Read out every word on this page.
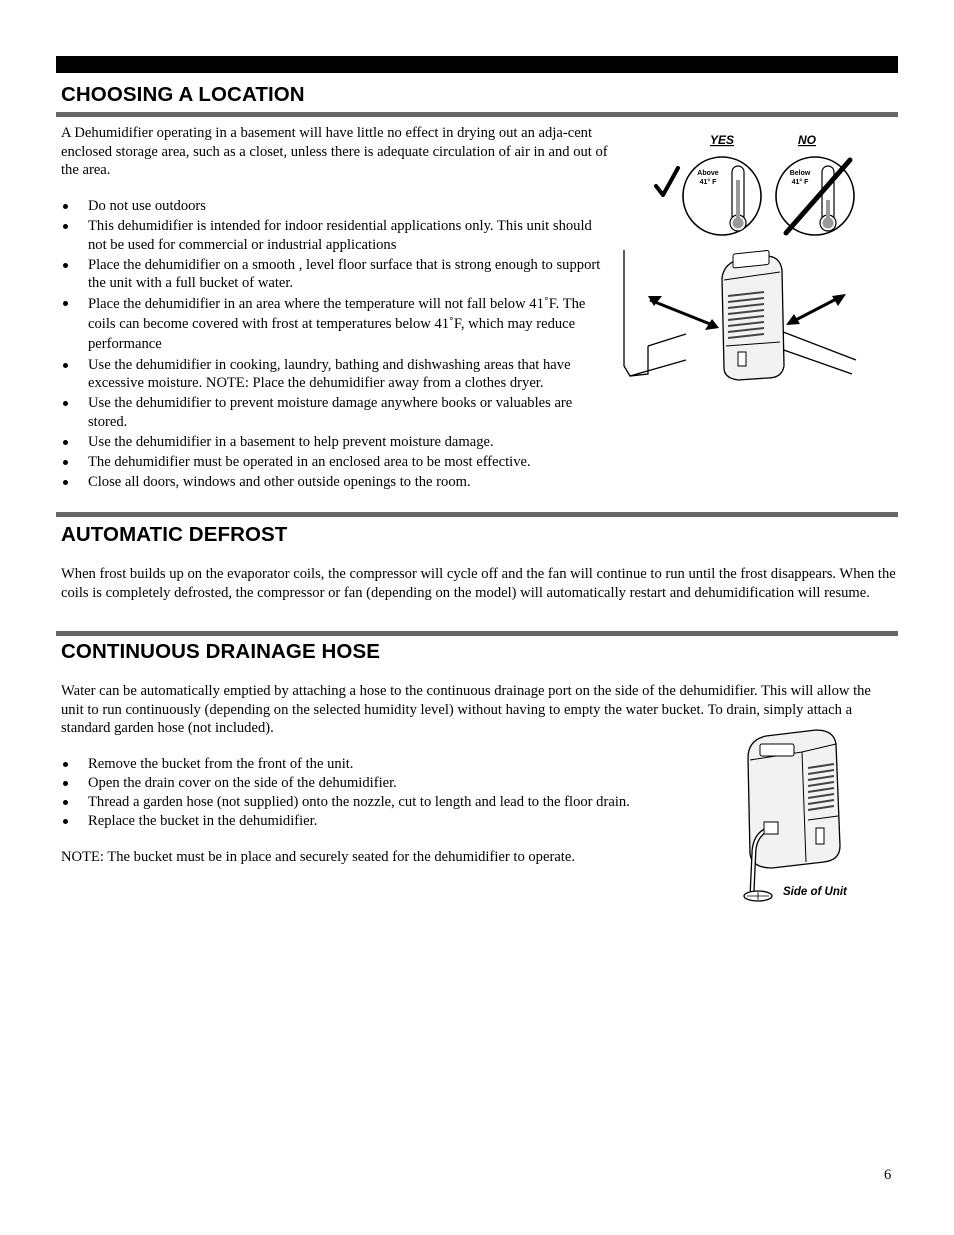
CHOOSING A LOCATION

A Dehumidifier operating in a basement will have little no effect in drying out an adja-cent enclosed storage area, such as a closet, unless there is adequate circulation of air in and out of the area.

Do not use outdoors
This dehumidifier is intended for indoor residential applications only. This unit should not be used for commercial or industrial applications
Place the dehumidifier on a smooth , level floor surface that is strong enough to support the unit with a full bucket of water.
Place the dehumidifier in an area where the temperature will not fall below 41˚F. The coils can become covered with frost at temperatures below 41˚F, which may reduce performance
Use the dehumidifier in cooking, laundry, bathing and dishwashing areas that have excessive moisture. NOTE: Place the dehumidifier away from a clothes dryer.
Use the dehumidifier to prevent moisture damage anywhere books or valuables are stored.
Use the dehumidifier in a basement to help prevent moisture damage.
The dehumidifier must be operated in an enclosed area to be most effective.
Close all doors, windows and other outside openings to the room.
YES	NO
Above
41° F
Below
41° F
AUTOMATIC DEFROST

When frost builds up on the evaporator coils, the compressor will cycle off and the fan will continue to run until the frost disappears. When the coils is completely defrosted, the compressor or fan (depending on the model) will automatically restart and dehumidification will resume.

CONTINUOUS DRAINAGE HOSE

Water can be automatically emptied by attaching a hose to the continuous drainage port on the side of the dehumidifier. This will allow the unit to run continuously (depending on the selected humidity level) without having to empty the water bucket. To drain, simply attach a standard garden hose (not included).

Remove the bucket from the front of the unit.
Open the drain cover on the side of the dehumidifier.
Thread a garden hose (not supplied) onto the nozzle, cut to length and lead to the floor drain.
Replace the bucket in the dehumidifier.

NOTE: The bucket must be in place and securely seated for the dehumidifier to operate.

Side of Unit
6
